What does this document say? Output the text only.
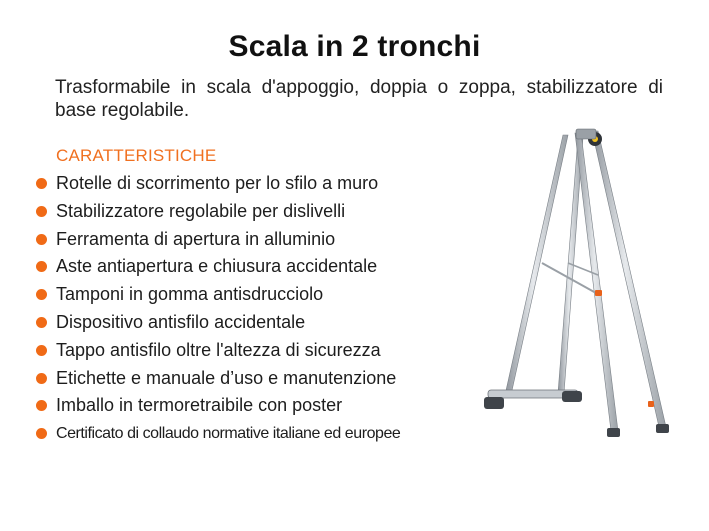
Scala in 2 tronchi
Trasformabile in scala d'appoggio, doppia o zoppa, stabilizzatore di base regolabile.
CARATTERISTICHE
Rotelle di scorrimento per lo sfilo a muro
Stabilizzatore regolabile per dislivelli
Ferramenta di apertura in alluminio
Aste antiapertura e chiusura accidentale
Tamponi in gomma antisdrucciolo
Dispositivo antisfilo accidentale
Tappo antisfilo oltre l'altezza di sicurezza
Etichette e manuale d’uso e manutenzione
Imballo in termoretraibile con poster
Certificato di collaudo normative italiane ed europee
